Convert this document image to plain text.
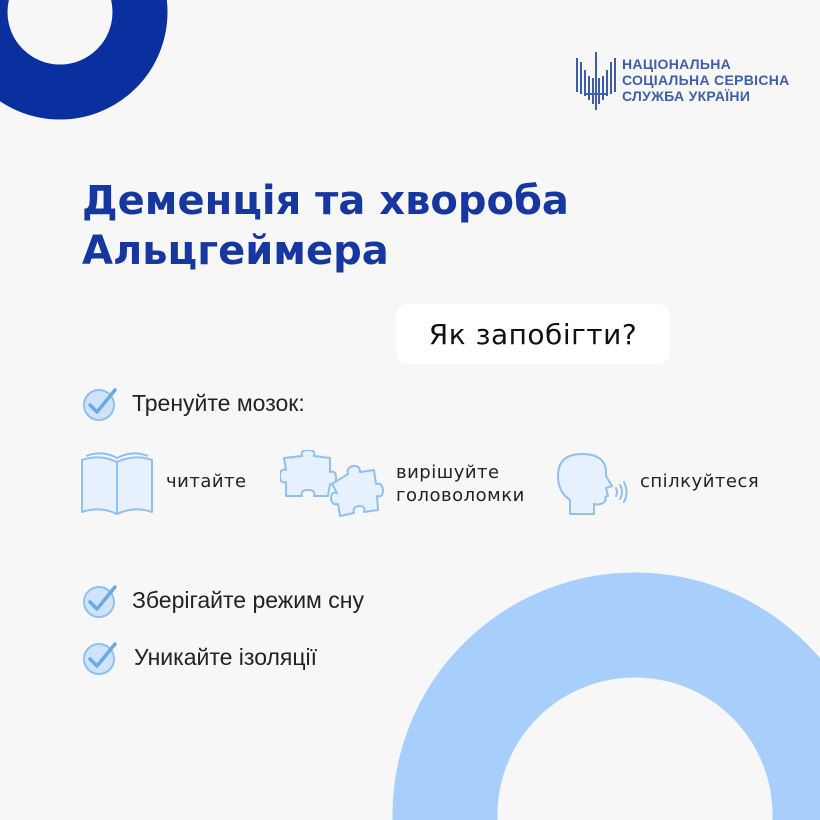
НАЦІОНАЛЬНА
СОЦІАЛЬНА СЕРВІСНА
СЛУЖБА УКРАЇНИ
Деменція та хвороба
Альцгеймера
Як запобігти?
Тренуйте мозок:
читайте	вирішуйте
головоломки
спілкуйтеся
Зберігайте режим сну
Уникайте ізоляції
